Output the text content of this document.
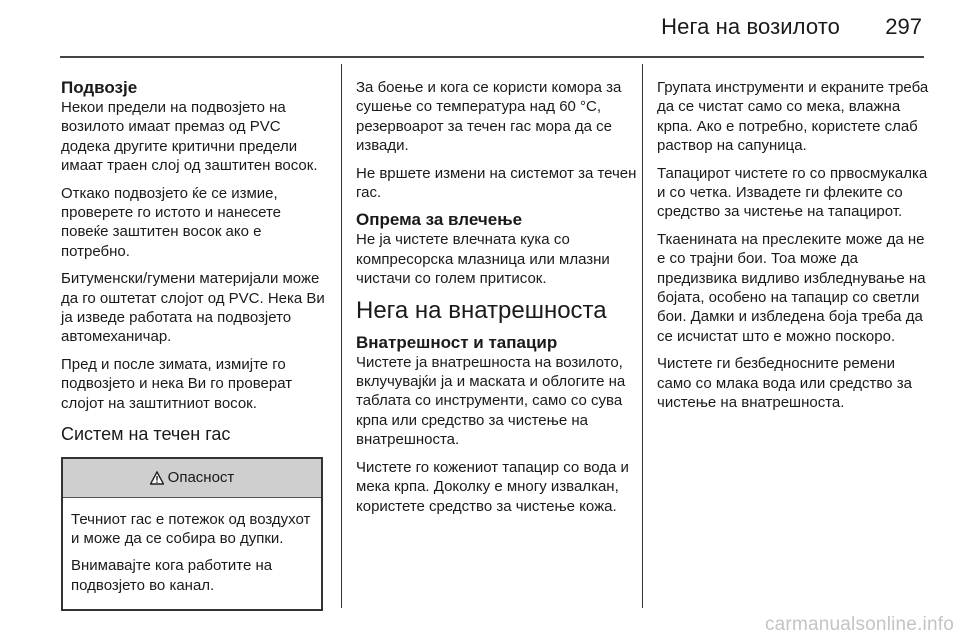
Нега на возилото 297
Подвозје

Некои предели на подвозјето на возилото имаат премаз од PVC додека другите критични предели имаат траен слој од заштитен восок.

Откако подвозјето ќе се измие, проверете го истото и нанесете повеќе заштитен восок ако е потребно.

Битуменски/гумени материјали може да го оштетат слојот од PVC. Нека Ви ја изведе работата на подвозјето автомеханичар.

Пред и после зимата, измијте го подвозјето и нека Ви го проверат слојот на заштитниот восок.

Систем на течен гас
Опасност

Течниот гас е потежок од воздухот и може да се собира во дупки.

Внимавајте кога работите на подвозјето во канал.

За боење и кога се користи комора за сушење со температура над 60 °C, резервоарот за течен гас мора да се извади.

Не вршете измени на системот за течен гас.

Опрема за влечење

Не ја чистете влечната кука со компресорска млазница или млазни чистачи со голем притисок.

Нега на внатрешноста
Внатрешност и тапацир

Чистете ја внатрешноста на возилото, вклучувајќи ја и маската и облогите на таблата со инструменти, само со сува крпа или средство за чистење на внатрешноста.

Чистете го кожениот тапацир со вода и мека крпа. Доколку е многу извалкан, користете средство за чистење кожа.

Групата инструменти и екраните треба да се чистат само со мека, влажна крпа. Ако е потребно, користете слаб раствор на сапуница.

Тапацирот чистете го со првосмукалка и со четка. Извадете ги флеките со средство за чистење на тапацирот.

Ткаенината на преслеките може да не е со трајни бои. Тоа може да предизвика видливо избледнување на бојата, особено на тапацир со светли бои. Дамки и избледена боја треба да се исчистат што е можно поскоро.

Чистете ги безбедносните ремени само со млака вода или средство за чистење на внатрешноста.

carmanualsonline.info
